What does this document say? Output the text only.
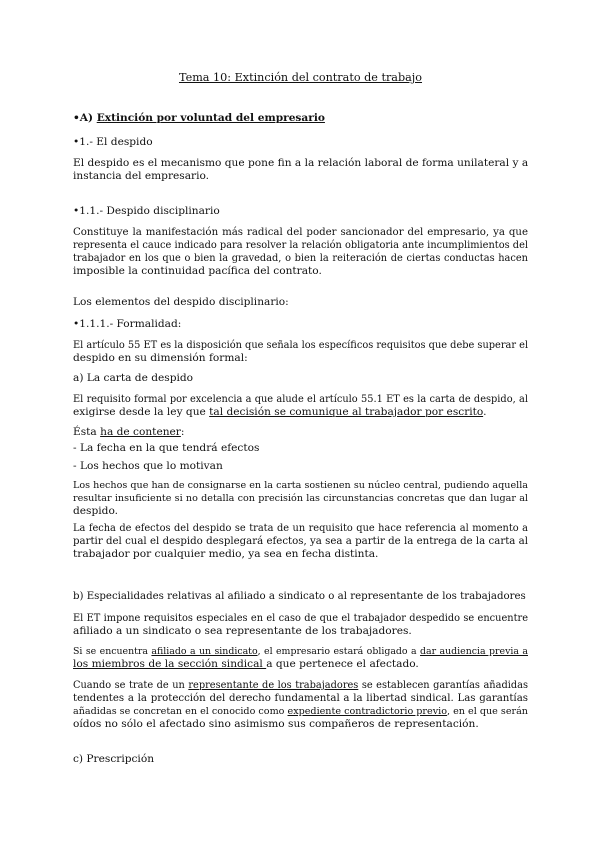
Tema 10: Extinción del contrato de trabajo
•A) Extinción por voluntad del empresario
•1.- El despido
El despido es el mecanismo que pone fin a la relación laboral de forma unilateral y a
instancia del empresario.
•1.1.- Despido disciplinario
Constituye la manifestación más radical del poder sancionador del empresario, ya que
representa el cauce indicado para resolver la relación obligatoria ante incumplimientos del
trabajador en los que o bien la gravedad, o bien la reiteración de ciertas conductas hacen
imposible la continuidad pacífica del contrato.
Los elementos del despido disciplinario:
•1.1.1.- Formalidad:
El artículo 55 ET es la disposición que señala los específicos requisitos que debe superar el
despido en su dimensión formal:
a) La carta de despido
El requisito formal por excelencia a que alude el artículo 55.1 ET es la carta de despido, al
exigirse desde la ley que tal decisión se comunique al trabajador por escrito.
Ésta ha de contener:
- La fecha en la que tendrá efectos
- Los hechos que lo motivan
Los hechos que han de consignarse en la carta sostienen su núcleo central, pudiendo aquella
resultar insuficiente si no detalla con precisión las circunstancias concretas que dan lugar al
despido.
La fecha de efectos del despido se trata de un requisito que hace referencia al momento a
partir del cual el despido desplegará efectos, ya sea a partir de la entrega de la carta al
trabajador por cualquier medio, ya sea en fecha distinta.
b) Especialidades relativas al afiliado a sindicato o al representante de los trabajadores
El ET impone requisitos especiales en el caso de que el trabajador despedido se encuentre
afiliado a un sindicato o sea representante de los trabajadores.
Si se encuentra afiliado a un sindicato, el empresario estará obligado a dar audiencia previa a
los miembros de la sección sindical a que pertenece el afectado.
Cuando se trate de un representante de los trabajadores se establecen garantías añadidas
tendentes a la protección del derecho fundamental a la libertad sindical. Las garantías
añadidas se concretan en el conocido como expediente contradictorio previo, en el que serán
oídos no sólo el afectado sino asimismo sus compañeros de representación.
c) Prescripción
